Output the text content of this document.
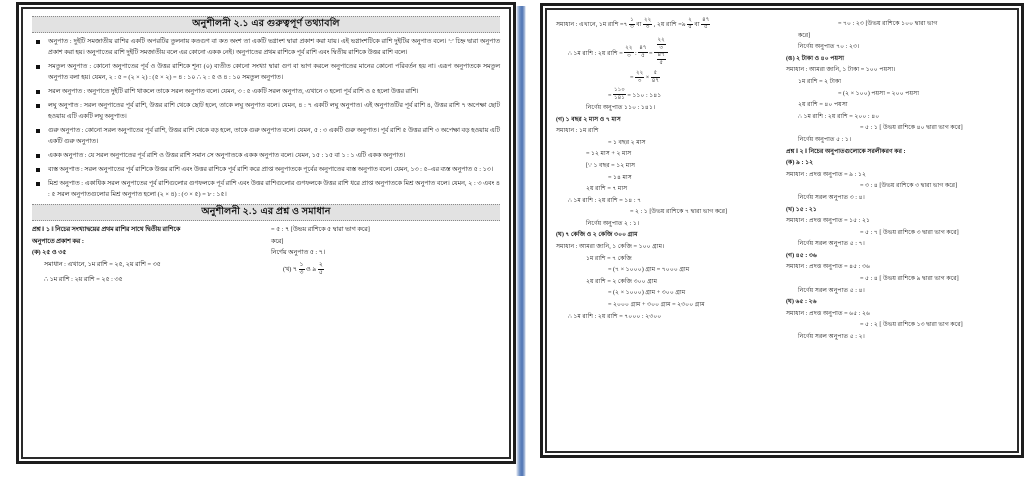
অনুশীলনী ২.১ এর গুরুত্বপূর্ণ তথ্যাবলি
অনুপাত : দুইটি সমজাতীয় রাশির একটি অপরটির তুলনায় কতগুণ বা কত অংশ তা একটি ভগ্নাংশ দ্বারা প্রকাশ করা যায়। এই ভগ্নাংশটিকে রাশি দুইটির অনুপাত বলে। ‘:’ চিহ্ন দ্বারা অনুপাত প্রকাশ করা হয়। অনুপাতের রাশি দুইটি সমজাতীয় বলে এর কোনো একক নেই। অনুপাতের প্রথম রাশিকে পূর্ব রাশি এবং দ্বিতীয় রাশিকে উত্তর রাশি বলে।
সমতুল অনুপাত : কোনো অনুপাতের পূর্ব ও উত্তর রাশিকে শূন্য (০) ব্যতীত কোনো সংখ্যা দ্বারা গুণ বা ভাগ করলে অনুপাতের মানের কোনো পরিবর্তন হয় না। এরূপ অনুপাতকে সমতুল অনুপাত বলা হয়। যেমন, ২ : ৫ = (২ × ২) : (৫ × ২) = ৪ : ১০ ∴ ২ : ৫ ও ৪ : ১০ সমতুল অনুপাত।
সরল অনুপাত : অনুপাতে দুইটি রাশি থাকলে তাকে সরল অনুপাত বলে। যেমন, ৩ : ৫ একটি সরল অনুপাত, এখানে ৩ হলো পূর্ব রাশি ও ৫ হলো উত্তর রাশি।
লঘু অনুপাত : সরল অনুপাতের পূর্ব রাশি, উত্তর রাশি থেকে ছোট হলে, তাকে লঘু অনুপাত বলে। যেমন, ৪ : ৭ একটি লঘু অনুপাত। এই অনুপাতটির পূর্ব রাশি ৪, উত্তর রাশি ৭ অপেক্ষা ছোট হওয়ায় এটি একটি লঘু অনুপাত।
গুরু অনুপাত : কোনো সরল অনুপাতের পূর্ব রাশি, উত্তর রাশি থেকে বড় হলে, তাকে গুরু অনুপাত বলে। যেমন, ৫ : ৩ একটি গুরু অনুপাত। পূর্ব রাশি ৫ উত্তর রাশি ৩ অপেক্ষা বড় হওয়ায় এটি একটি গুরু অনুপাত।
একক অনুপাত : যে সরল অনুপাতের পূর্ব রাশি ও উত্তর রাশি সমান সে অনুপাতকে একক অনুপাত বলে। যেমন, ১৫ : ১৫ বা ১ : ১ এটি একক অনুপাত।
ব্যস্ত অনুপাত : সরল অনুপাতের পূর্ব রাশিকে উত্তর রাশি এবং উত্তর রাশিকে পূর্ব রাশি করে প্রাপ্ত অনুপাতকে পূর্বের অনুপাতের ব্যস্ত অনুপাত বলে। যেমন, ১৩ : ৫–এর ব্যস্ত অনুপাত ৫ : ১৩।
মিশ্র অনুপাত : একাধিক সরল অনুপাতের পূর্ব রাশিগুলোর গুণফলকে পূর্ব রাশি এবং উত্তর রাশিগুলোর গুণফলকে উত্তর রাশি ধরে প্রাপ্ত অনুপাতকে মিশ্র অনুপাত বলে। যেমন, ২ : ৩ এবং ৪ : ৫ সরল অনুপাতগুলোর মিশ্র অনুপাত হলো (২ × ৪) : (৩ × ৫) = ৮ : ১৫।
অনুশীলনী ২.১ এর প্রশ্ন ও সমাধান
প্রশ্ন ‖ ১ ‖ নিচের সংখ্যাদ্বয়ের প্রথম রাশির সাথে দ্বিতীয় রাশিকে
অনুপাতে প্রকাশ কর :
(ক) ২৫ ও ৩৫
সমাধান : এখানে, ১ম রাশি = ২৫, ২য় রাশি = ৩৫
∴ ১ম রাশি : ২য় রাশি = ২৫ : ৩৫
= ৫ : ৭ [উভয় রাশিকে ৫ দ্বারা ভাগ করে]
করে]
নির্ণেয় অনুপাত ৫ : ৭।
(খ)
৭ $\frac{১}{৩}$ ও
৯ $\frac{২}{৫}$
সমাধান : এখানে, ১ম রাশি = ৭ $\frac{১}{৩}$ বা $\frac{২২}{৩}$ , ২য় রাশি = ৯ $\frac{২}{৫}$ বা $\frac{৪৭}{৫}$
∴ ১ম রাশি : ২য় রাশি = $\frac{২২}{৩}$ : $\frac{৪৭}{৫} = \frac{\frac{২২}{৩}}{\frac{৪৭}{৫}}$
= $\frac{২২}{৩} \times \frac{৫}{৪৭}$
= $\frac{১১০}{১৪১}$ = ১১০ : ১৪১
নির্ণেয় অনুপাত ১১০ : ১৪১।
(গ) ১ বছর ২ মাস ও ৭ মাস
সমাধান : ১ম রাশি
= ১ বছর ২ মাস
= ১২ মাস + ২ মাস
[∵ ১ বছর = ১২ মাস
= ১৪ মাস
২য় রাশি = ৭ মাস
∴ ১ম রাশি : ২য় রাশি = ১৪ : ৭
= ২ : ১ [উভয় রাশিকে ৭ দ্বারা ভাগ করে]
নির্ণেয় অনুপাত ২ : ১।
(ঘ) ৭ কেজি ও ২ কেজি ৩০০ গ্রাম
সমাধান : আমরা জানি, ১ কেজি = ১০০ গ্রাম।
১ম রাশি = ৭ কেজি
= (৭ × ১০০০) গ্রাম = ৭০০০ গ্রাম
২য় রাশি = ২ কেজি ৩০০ গ্রাম
= (২ × ১০০০) গ্রাম + ৩০০ গ্রাম
= ২০০০ গ্রাম + ৩০০ গ্রাম = ২৩০০ গ্রাম
∴ ১ম রাশি : ২য় রাশি = ৭০০০ : ২৩০০
= ৭০ : ২৩ [উভয় রাশিকে ১০০ দ্বারা ভাগ
করে]
নির্ণেয় অনুপাত ৭০ : ২৩।
(ঙ) ২ টাকা ও ৪০ পয়সা
সমাধান : আমরা জানি, ১ টাকা = ১০০ পয়সা।
১ম রাশি = ২ টাকা
= (২ × ১০০) পয়সা = ২০০ পয়সা
২য় রাশি = ৪০ পয়সা
∴ ১ম রাশি : ২য় রাশি = ২০০ : ৪০
= ৫ : ১ [ উভয় রাশিকে ৪০ দ্বারা ভাগ করে]
নির্ণেয় অনুপাত ৫ : ১।
প্রশ্ন ‖ ২ ‖ নিচের অনুপাতগুলোকে সরলীকরণ কর :
(ক) ৯ : ১২
সমাধান : প্রদত্ত অনুপাত = ৯ : ১২
= ৩ : ৪ [উভয় রাশিকে ৩ দ্বারা ভাগ করে]
নির্ণেয় সরল অনুপাত ৩ : ৪।
(খ) ১৫ : ২১
সমাধান : প্রদত্ত অনুপাত = ১৫ : ২১
= ৫ : ৭ [ উভয় রাশিকে ৩ দ্বারা ভাগ করে]
নির্ণেয় সরল অনুপাত ৫ : ৭।
(গ) ৪৫ : ৩৬
সমাধান : প্রদত্ত অনুপাত = ৪৫ : ৩৬
= ৫ : ৪ [ উভয় রাশিকে ৯ দ্বারা ভাগ করে]
নির্ণেয় সরল অনুপাত ৫ : ৪।
(ঘ) ৬৫ : ২৬
সমাধান : প্রদত্ত অনুপাত = ৬৫ : ২৬
= ৫ : ২ [ উভয় রাশিকে ১৩ দ্বারা ভাগ করে]
নির্ণেয় সরল অনুপাত ৫ : ২।
